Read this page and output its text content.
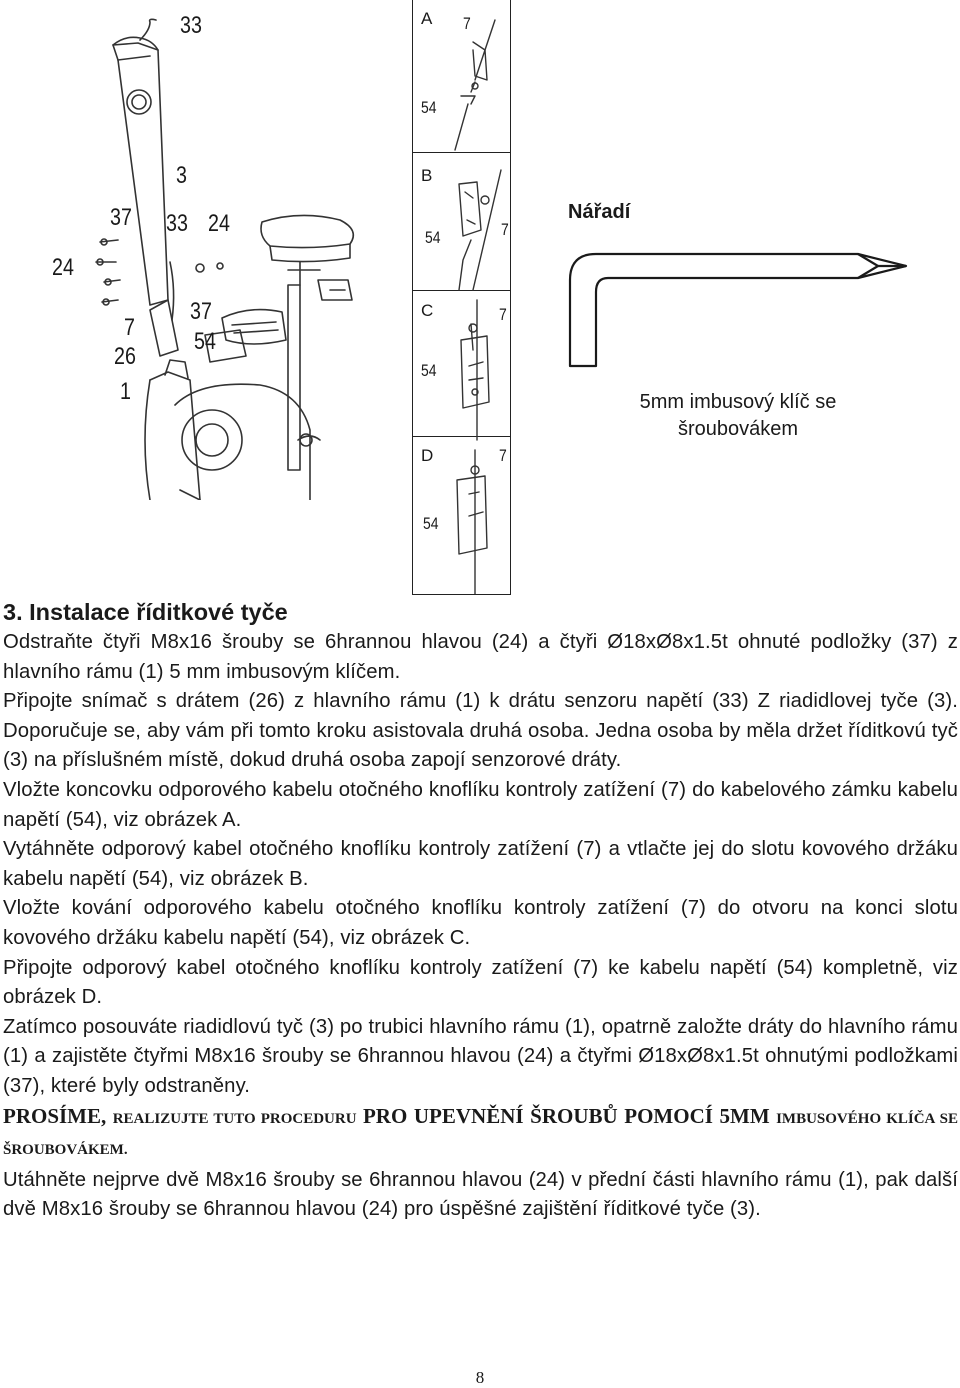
33
3
37 33 24
24
37
7
54
26
1
A 7
54
B
7
54
C	7
54
D	7
54
Nářadí
5mm imbusový klíč se šroubovákem

3. Instalace říditkové tyče

Odstraňte čtyři M8x16 šrouby se 6hrannou hlavou (24) a čtyři Ø18xØ8x1.5t ohnuté podložky (37) z hlavního rámu (1) 5 mm imbusovým klíčem.

Připojte snímač s drátem (26) z hlavního rámu (1) k drátu senzoru napětí (33) Z riadidlovej tyče (3). Doporučuje se, aby vám při tomto kroku asistovala druhá osoba. Jedna osoba by měla držet říditkovú tyč (3) na příslušném místě, dokud druhá osoba zapojí senzorové dráty.

Vložte koncovku odporového kabelu otočného knoflíku kontroly zatížení (7) do kabelového zámku kabelu napětí (54), viz obrázek A.

Vytáhněte odporový kabel otočného knoflíku kontroly zatížení (7) a vtlačte jej do slotu kovového držáku kabelu napětí (54), viz obrázek B.

Vložte kování odporového kabelu otočného knoflíku kontroly zatížení (7) do otvoru na konci slotu kovového držáku kabelu napětí (54), viz obrázek C.

Připojte odporový kabel otočného knoflíku kontroly zatížení (7) ke kabelu napětí (54) kompletně, viz obrázek D.

Zatímco posouváte riadidlovú tyč (3) po trubici hlavního rámu (1), opatrně založte dráty do hlavního rámu (1) a zajistěte čtyřmi M8x16 šrouby se 6hrannou hlavou (24) a čtyřmi Ø18xØ8x1.5t ohnutými podložkami (37), které byly odstraněny.

PROSÍME, REALIZUJTE TUTO PROCEDURU PRO UPEVNĚNÍ ŠROUBŮ POMOCÍ 5MM IMBUSOVÉHO KLÍČA SE ŠROUBOVÁKEM.

Utáhněte nejprve dvě M8x16 šrouby se 6hrannou hlavou (24) v přední části hlavního rámu (1), pak další dvě M8x16 šrouby se 6hrannou hlavou (24) pro úspěšné zajištění říditkové tyče (3).

8
